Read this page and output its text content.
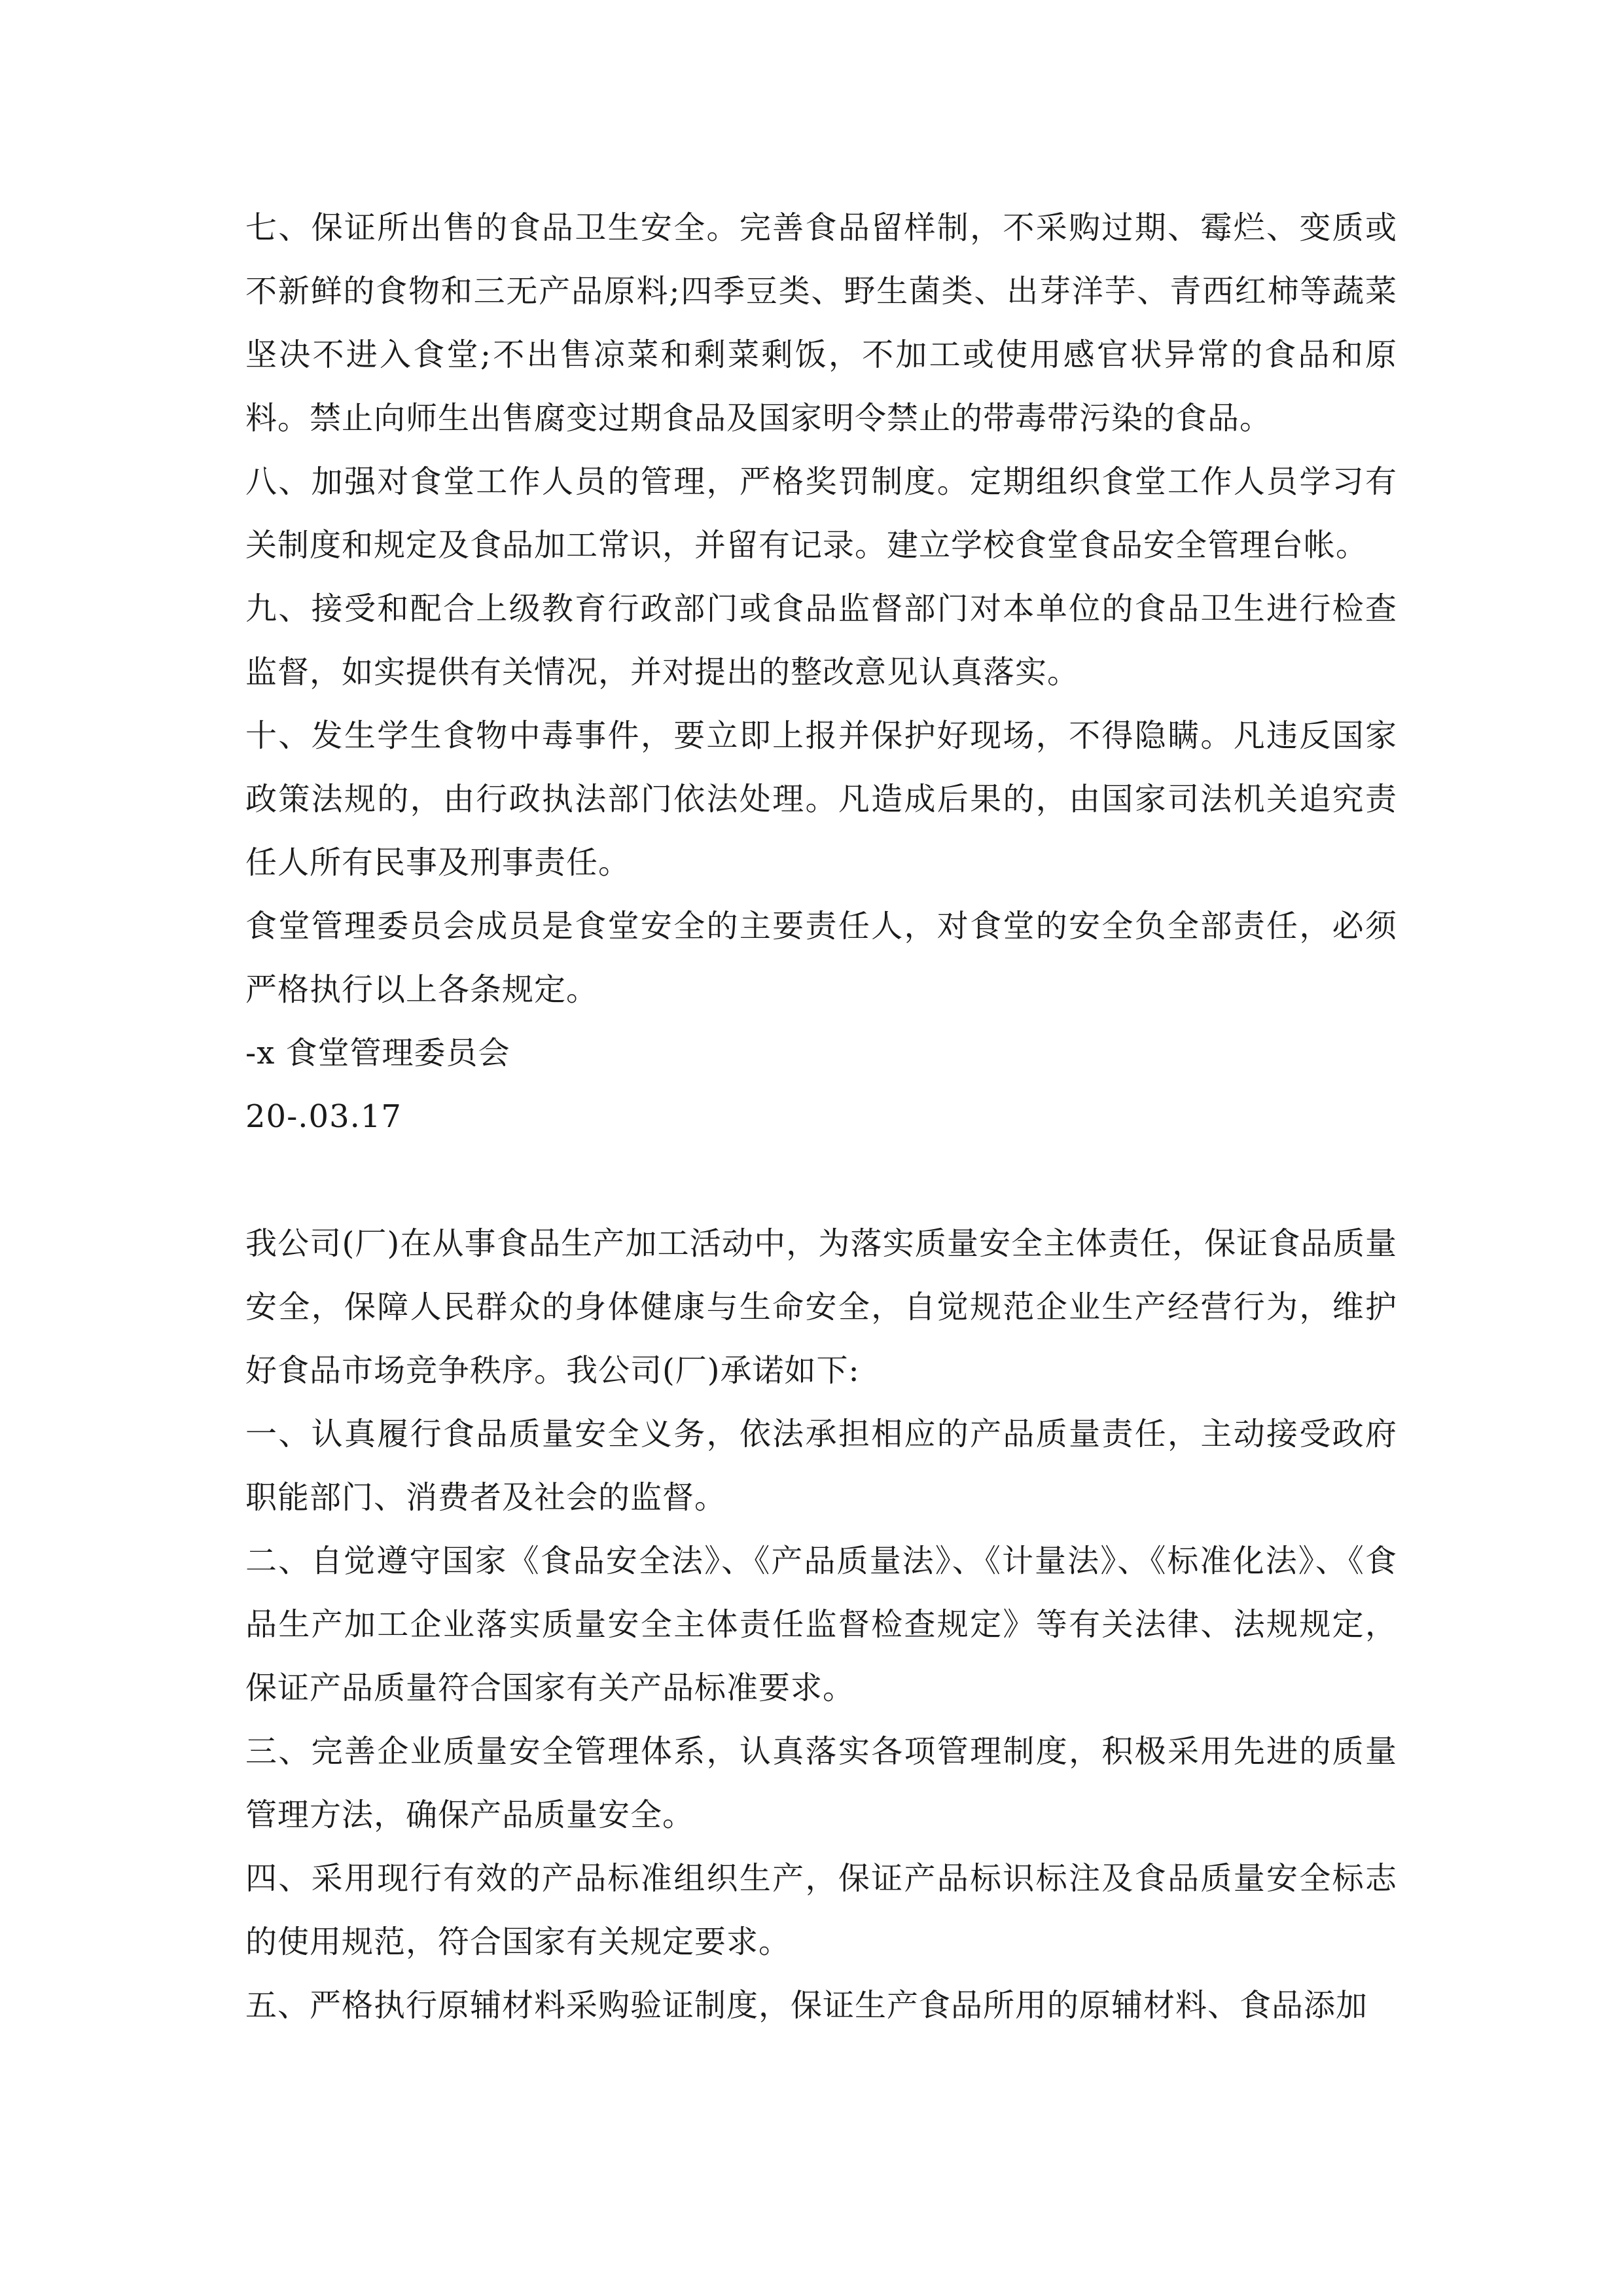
七、保证所出售的食品卫生安全。完善食品留样制，不采购过期、霉烂、变质或不新鲜的食物和三无产品原料;四季豆类、野生菌类、出芽洋芋、青西红柿等蔬菜坚决不进入食堂;不出售凉菜和剩菜剩饭，不加工或使用感官状异常的食品和原料。禁止向师生出售腐变过期食品及国家明令禁止的带毒带污染的食品。

八、加强对食堂工作人员的管理，严格奖罚制度。定期组织食堂工作人员学习有关制度和规定及食品加工常识，并留有记录。建立学校食堂食品安全管理台帐。

九、接受和配合上级教育行政部门或食品监督部门对本单位的食品卫生进行检查监督，如实提供有关情况，并对提出的整改意见认真落实。

十、发生学生食物中毒事件，要立即上报并保护好现场，不得隐瞒。凡违反国家政策法规的，由行政执法部门依法处理。凡造成后果的，由国家司法机关追究责任人所有民事及刑事责任。

食堂管理委员会成员是食堂安全的主要责任人，对食堂的安全负全部责任，必须严格执行以上各条规定。

-x 食堂管理委员会

20-.03.17

我公司(厂)在从事食品生产加工活动中，为落实质量安全主体责任，保证食品质量安全，保障人民群众的身体健康与生命安全，自觉规范企业生产经营行为，维护好食品市场竞争秩序。我公司(厂)承诺如下:

一、认真履行食品质量安全义务，依法承担相应的产品质量责任，主动接受政府职能部门、消费者及社会的监督。

二、自觉遵守国家《食品安全法》、《产品质量法》、《计量法》、《标准化法》、《食品生产加工企业落实质量安全主体责任监督检查规定》等有关法律、法规规定，保证产品质量符合国家有关产品标准要求。

三、完善企业质量安全管理体系，认真落实各项管理制度，积极采用先进的质量管理方法，确保产品质量安全。

四、采用现行有效的产品标准组织生产，保证产品标识标注及食品质量安全标志的使用规范，符合国家有关规定要求。

五、严格执行原辅材料采购验证制度，保证生产食品所用的原辅材料、食品添加
